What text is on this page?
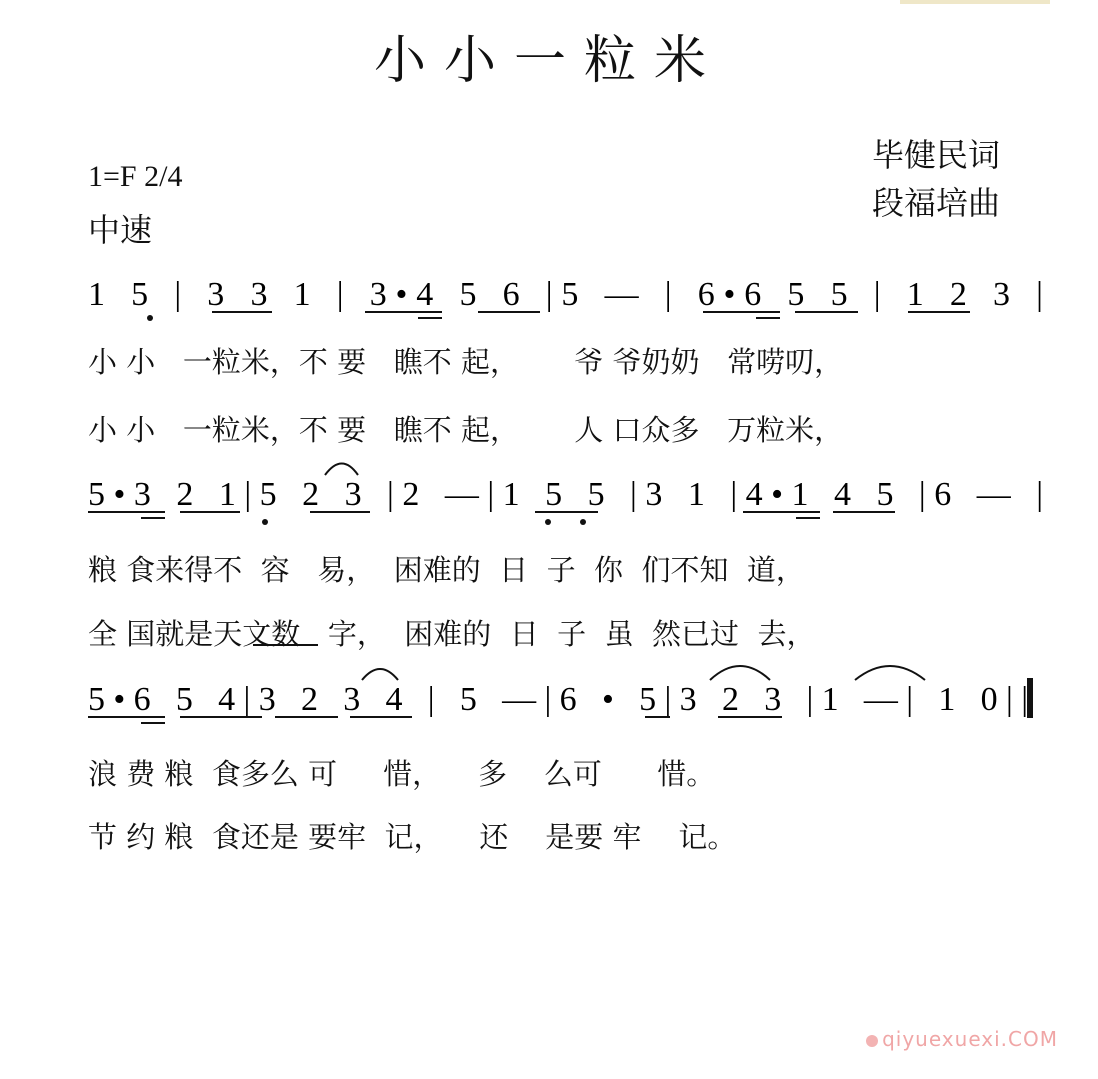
小小一粒米
1=F 2/4
中速
毕健民词
段福培曲
1 5 | 3 3 1 | 3•4 5 6 |5 — | 6•6 5 5 | 1 2 3 |
5•3 2 1|5 2 3 |2 —|1 5 5 |3 1 |4•1 4 5 |6 — |
5•6 5 4|3 2 3 4 | 5 —|6 • 5|3 2 3 |1 —| 1 0||
小 小   一粒米，不 要   瞧不 起，      爷 爷奶奶   常唠叨，
小 小   一粒米，不 要   瞧不 起，      人 口众多   万粒米，
粮 食来得不  容   易，  困难的  日  子  你  们不知  道，
全 国就是天文数   字，  困难的  日  子  虽  然已过  去，
浪 费 粮  食多么 可     惜，    多    么可      惜。
节 约 粮  食还是 要牢  记，    还    是要 牢    记。
qiyuexuexi.COM
